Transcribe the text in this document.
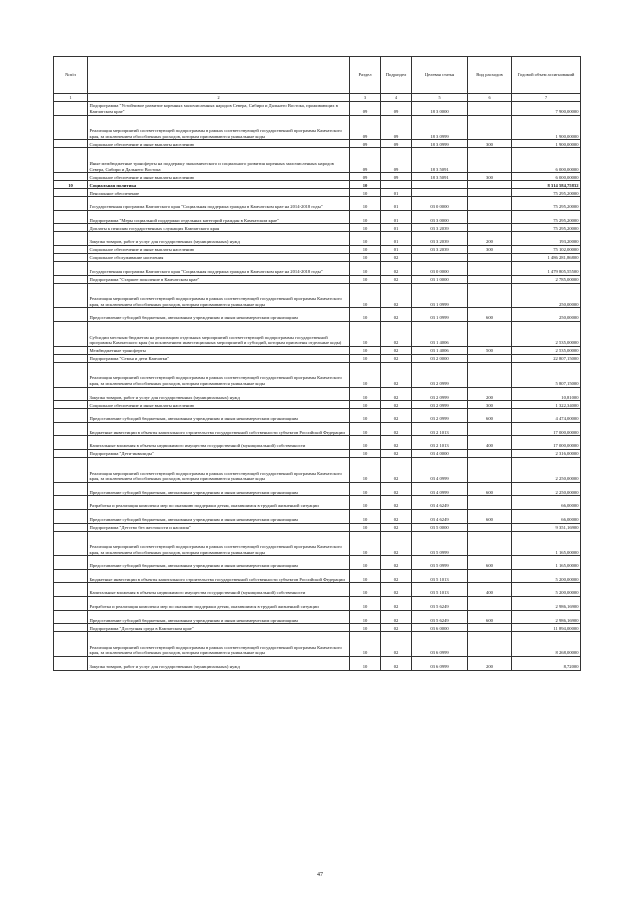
№п/п		Раздел	Подраздел	Целевая статья	Вид расходов	Годовой объем ассигнований
1	2	3	4	5	6	7
	Подпрограмма "Устойчивое развитие коренных малочисленных народов Севера, Сибири и Дальнего Востока, проживающих в Камчатском крае"	09	09	18 3 0000		7 900,00000
	Реализация мероприятий соответствующей подпрограммы в рамках соответствующей государственной программы Камчатского края, за исключением обособленных расходов, которым присваиваются уникальные коды	09	09	18 3 0999		1 900,00000
	Социальное обеспечение и иные выплаты населению	09	09	18 3 0999	300	1 900,00000
	Иные межбюджетные трансферты на поддержку экономического и социального развития коренных малочисленных народов Севера, Сибири и Дальнего Востока	09	09	18 3 5091		6 000,00000
	Социальное обеспечение и иные выплаты населению	09	09	18 3 5091	300	6 000,00000
10	Социальная политика	10				8 314 584,75832
	Пенсионное обеспечение	10	01			75 295,20000
	Государственная программа Камчатского края "Социальная поддержка граждан в Камчатском крае на 2014-2018 годы"	10	01	03 0 0000		75 295,20000
	Подпрограмма "Меры социальной поддержки отдельных категорий граждан в Камчатском крае"	10	01	03 3 0000		75 295,20000
	Доплаты к пенсиям государственных служащих Камчатского края	10	01	03 3 2039		75 295,20000
	Закупка товаров, работ и услуг для государственных (муниципальных) нужд	10	01	03 3 2039	200	193,20000
	Социальное обеспечение и иные выплаты населению	10	01	03 3 2039	300	75 102,00000
	Социальное обслуживание населения	10	02			1 486 281,86800
	Государственная программа Камчатского края "Социальная поддержка граждан в Камчатском крае на 2014-2018 годы"	10	02	03 0 0000		1 479 805,55500
	Подпрограмма "Старшее поколение в Камчатском крае"	10	02	03 1 0000		2 785,00000
	Реализация мероприятий соответствующей подпрограммы в рамках соответствующей государственной программы Камчатского края, за исключением обособленных расходов, которым присваиваются уникальные коды	10	02	03 1 0999		250,00000
	Предоставление субсидий бюджетным, автономным учреждениям и иным некоммерческим организациям	10	02	03 1 0999	600	250,00000
	Субсидии местным бюджетам на реализацию отдельных мероприятий соответствующей подпрограммы государственной программы Камчатского края (за исключением инвестиционных мероприятий и субсидий, которым присвоены отдельные коды)	10	02	03 1 4006		2 535,00000
	Межбюджетные трансферты	10	02	03 1 4006	500	2 535,00000
	Подпрограмма "Семья и дети Камчатки"	10	02	03 2 0000		22 807,15000
	Реализация мероприятий соответствующей подпрограммы в рамках соответствующей государственной программы Камчатского края, за исключением обособленных расходов, которым присваиваются уникальные коды	10	02	03 2 0999		5 807,15000
	Закупка товаров, работ и услуг для государственных (муниципальных) нужд	10	02	03 2 0999	200	10,81000
	Социальное обеспечение и иные выплаты населению	10	02	03 2 0999	300	1 322,34000
	Предоставление субсидий бюджетным, автономным учреждениям и иным некоммерческим организациям	10	02	03 2 0999	600	4 474,00000
	Бюджетные инвестиции в объекты капитального строительства государственной собственности субъектов Российской Федерации	10	02	03 2 1013		17 000,00000
	Капитальные вложения в объекты недвижимого имущества государственной (муниципальной) собственности	10	02	03 2 1013	400	17 000,00000
	Подпрограмма "Дети-инвалиды"	10	02	03 4 0000		2 316,00000
	Реализация мероприятий соответствующей подпрограммы в рамках соответствующей государственной программы Камчатского края, за исключением обособленных расходов, которым присваиваются уникальные коды	10	02	03 4 0999		2 250,00000
	Предоставление субсидий бюджетным, автономным учреждениям и иным некоммерческим организациям	10	02	03 4 0999	600	2 250,00000
	Разработка и реализация комплекса мер по оказанию поддержки детям, оказавшимся в трудной жизненной ситуации	10	02	03 4 6249		66,00000
	Предоставление субсидий бюджетным, автономным учреждениям и иным некоммерческим организациям	10	02	03 4 6249	600	66,00000
	Подпрограмма "Детство без жестокости и насилия"	10	02	03 5 0000		9 351,16900
	Реализация мероприятий соответствующей подпрограммы в рамках соответствующей государственной программы Камчатского края, за исключением обособленных расходов, которым присваиваются уникальные коды	10	02	03 5 0999		1 165,00000
	Предоставление субсидий бюджетным, автономным учреждениям и иным некоммерческим организациям	10	02	03 5 0999	600	1 165,00000
	Бюджетные инвестиции в объекты капитального строительства государственной собственности субъектов Российской Федерации	10	02	03 5 1013		5 200,00000
	Капитальные вложения в объекты недвижимого имущества государственной (муниципальной) собственности	10	02	03 5 1013	400	5 200,00000
	Разработка и реализация комплекса мер по оказанию поддержки детям, оказавшимся в трудной жизненной ситуации	10	02	03 5 6249		2 986,16900
	Предоставление субсидий бюджетным, автономным учреждениям и иным некоммерческим организациям	10	02	03 5 6249	600	2 986,16900
	Подпрограмма "Доступная среда в Камчатском крае"	10	02	03 6 0000		11 894,00000
	Реализация мероприятий соответствующей подпрограммы в рамках соответствующей государственной программы Камчатского края, за исключением обособленных расходов, которым присваиваются уникальные коды	10	02	03 6 0999		8 268,00000
	Закупка товаров, работ и услуг для государственных (муниципальных) нужд	10	02	03 6 0999	200	8,72000
47
